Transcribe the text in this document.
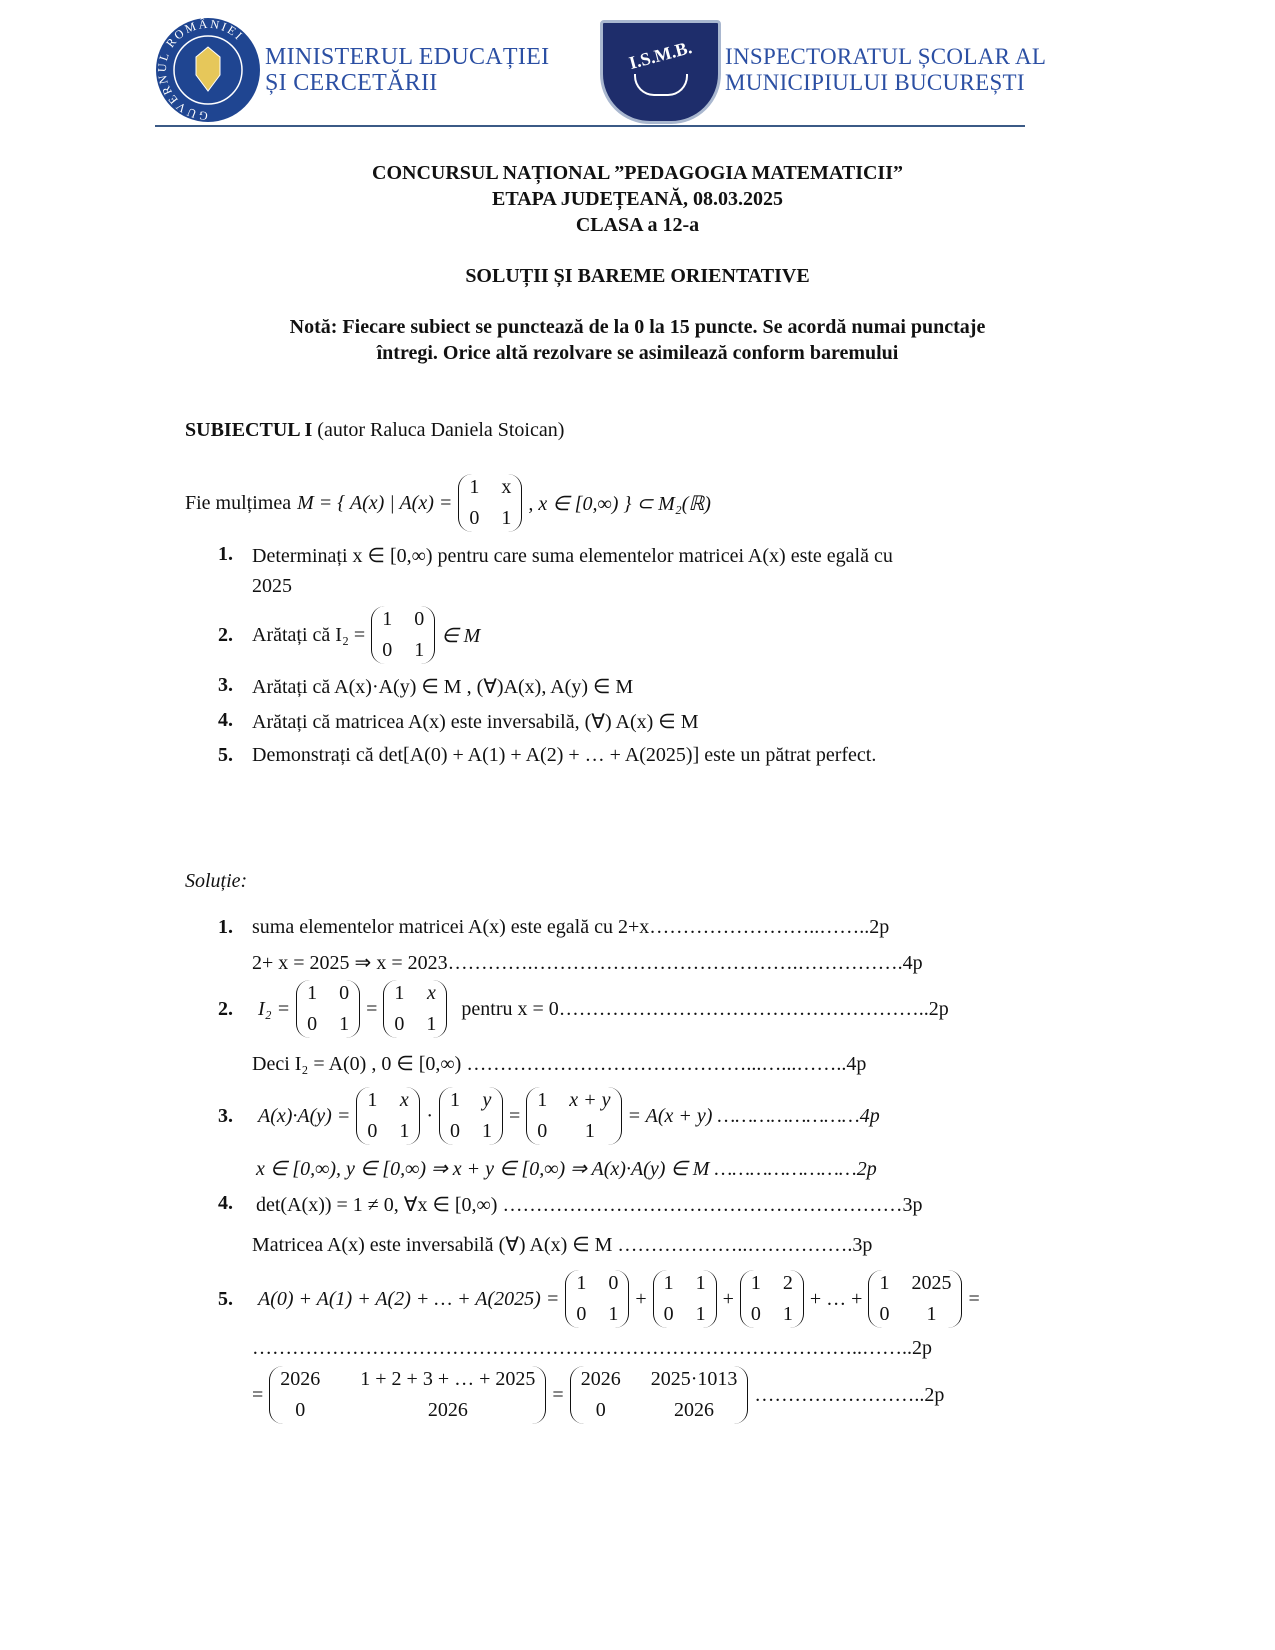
GUVERNUL ROMÂNIEI
MINISTERUL EDUCAȚIEI
ȘI CERCETĂRII
I.S.M.B.	INSPECTORATUL ȘCOLAR AL
MUNICIPIULUI BUCUREȘTI
CONCURSUL NAȚIONAL ”PEDAGOGIA MATEMATICII”
ETAPA JUDEȚEANĂ, 08.03.2025
CLASA a 12-a
SOLUȚII ȘI BAREME ORIENTATIVE
Notă: Fiecare subiect se punctează de la 0 la 15 puncte. Se acordă numai punctaje
întregi. Orice altă rezolvare se asimilează conform baremului
SUBIECTUL I (autor Raluca Daniela Stoican)
Fie mulțimea M = { A(x) | A(x) =
1 x
0 1
, x ∈ [0,∞) } ⊂ M₂(ℝ)
1. Determinați x ∈ [0,∞) pentru care suma elementelor matricei A(x) este egală cu
2025
2. Arătați că I₂ =
1 0
0 1
∈ M
3. Arătați că A(x)·A(y) ∈ M , (∀)A(x), A(y) ∈ M
4. Arătați că matricea A(x) este inversabilă, (∀) A(x) ∈ M
5. Demonstrați că det[A(0) + A(1) + A(2) + … + A(2025)] este un pătrat perfect.
Soluție:
1. suma elementelor matricei A(x) este egală cu 2+x……………………..……..2p
2+ x = 2025 ⇒ x = 2023………….………………………………….…………….4p
2.	I₂ =
1 0
0 1
=
1 x
0 1
pentru x = 0………………………………………………..2p
Deci I₂ = A(0) , 0 ∈ [0,∞) ……………………………………...…...……..4p
3.	A(x)·A(y) =
1 x
0 1
·
1 y
0 1
=
1 x + y
0	1
= A(x + y) ……………………4p
x ∈ [0,∞), y ∈ [0,∞) ⇒ x + y ∈ [0,∞) ⇒ A(x)·A(y) ∈ M ……………………2p
4. det(A(x)) = 1 ≠ 0, ∀x ∈ [0,∞) ……………………………………………………3p
Matricea A(x) este inversabilă (∀) A(x) ∈ M ………………..…………….3p
5.	A(0) + A(1) + A(2) + … + A(2025) =
1 0
0 1
+
1 1
0 1
+
1 2
0 1
+ … +
1 2025
0	1
=
………………………………………………………………………………..……..2p
=
2026 1 + 2 + 3 + … + 2025
0	2026
=
2026 2025·1013
0	2026
……………………..2p
